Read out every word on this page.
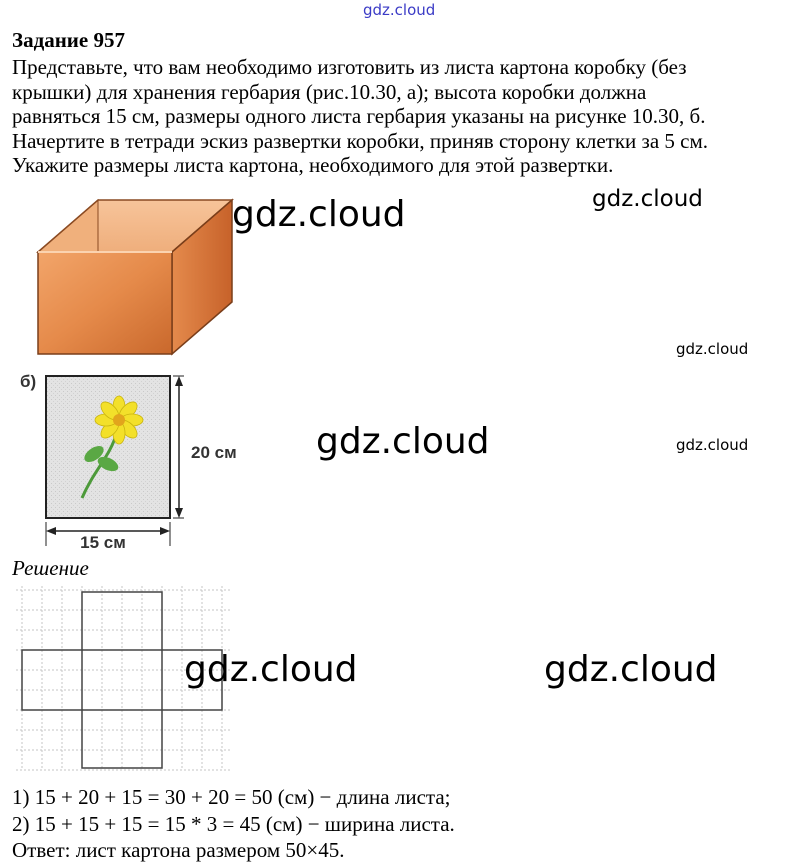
gdz.cloud
Задание 957
Представьте, что вам необходимо изготовить из листа картона коробку (без
крышки) для хранения гербария (рис.10.30, а); высота коробки должна
равняться 15 см, размеры одного листа гербария указаны на рисунке 10.30, б.
Начертите в тетради эскиз развертки коробки, приняв сторону клетки за 5 см.
Укажите размеры листа картона, необходимого для этой развертки.
б)
15 см
20 см
Решение
1) 15 + 20 + 15 = 30 + 20 = 50 (см) − длина листа;
2) 15 + 15 + 15 = 15 * 3 = 45 (см) − ширина листа.
Ответ: лист картона размером 50×45.
gdz.cloud	gdz.cloud
gdz.cloud
gdz.cloud	gdz.cloud
gdz.cloud	gdz.cloud
